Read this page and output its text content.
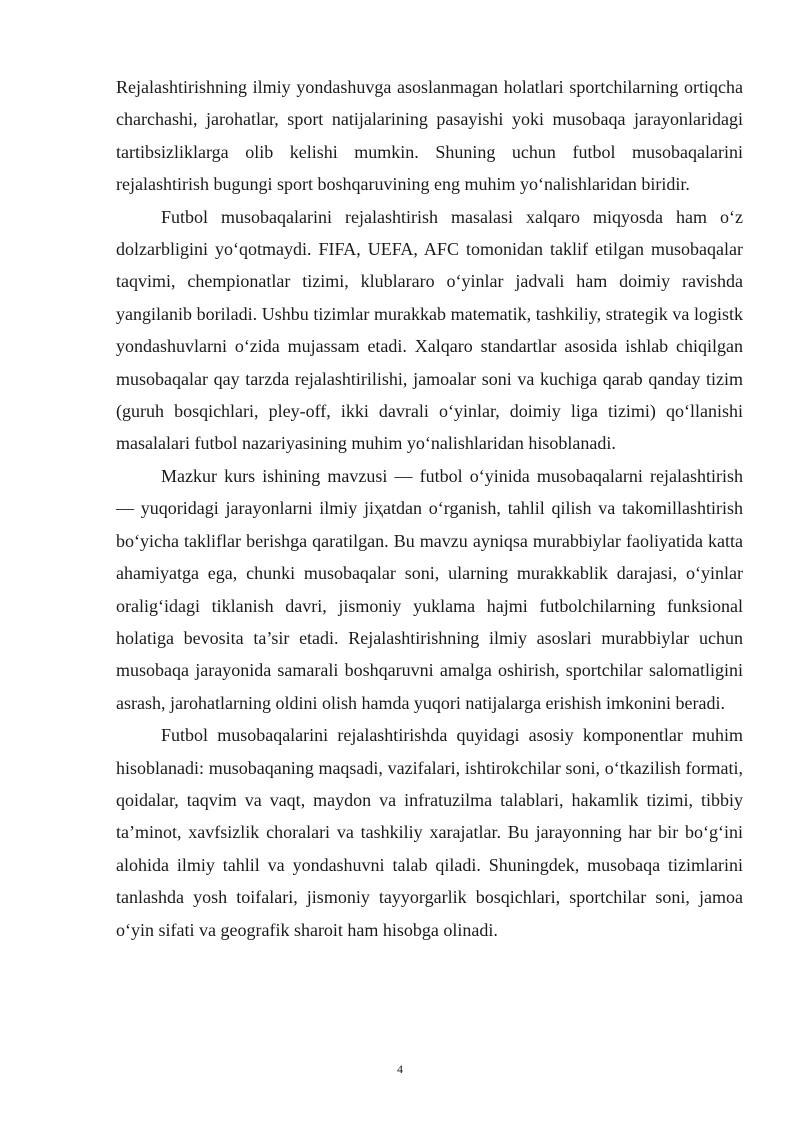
Rejalashtirishning ilmiy yondashuvga asoslanmagan holatlari sportchilarning ortiqcha charchashi, jarohatlar, sport natijalarining pasayishi yoki musobaqa jarayonlaridagi tartibsizliklarga olib kelishi mumkin. Shuning uchun futbol musobaqalarini rejalashtirish bugungi sport boshqaruvining eng muhim yo‘nalishlaridan biridir.

Futbol musobaqalarini rejalashtirish masalasi xalqaro miqyosda ham o‘z dolzarbligini yo‘qotmaydi. FIFA, UEFA, AFC tomonidan taklif etilgan musobaqalar taqvimi, chempionatlar tizimi, klublararo o‘yinlar jadvali ham doimiy ravishda yangilanib boriladi. Ushbu tizimlar murakkab matematik, tashkiliy, strategik va logistk yondashuvlarni o‘zida mujassam etadi. Xalqaro standartlar asosida ishlab chiqilgan musobaqalar qay tarzda rejalashtirilishi, jamoalar soni va kuchiga qarab qanday tizim (guruh bosqichlari, pley-off, ikki davrali o‘yinlar, doimiy liga tizimi) qo‘llanishi masalalari futbol nazariyasining muhim yo‘nalishlaridan hisoblanadi.

Mazkur kurs ishining mavzusi — futbol o‘yinida musobaqalarni rejalashtirish — yuqoridagi jarayonlarni ilmiy jiҳatdan o‘rganish, tahlil qilish va takomillashtirish bo‘yicha takliflar berishga qaratilgan. Bu mavzu ayniqsa murabbiylar faoliyatida katta ahamiyatga ega, chunki musobaqalar soni, ularning murakkablik darajasi, o‘yinlar oralig‘idagi tiklanish davri, jismoniy yuklama hajmi futbolchilarning funksional holatiga bevosita ta’sir etadi. Rejalashtirishning ilmiy asoslari murabbiylar uchun musobaqa jarayonida samarali boshqaruvni amalga oshirish, sportchilar salomatligini asrash, jarohatlarning oldini olish hamda yuqori natijalarga erishish imkonini beradi.

Futbol musobaqalarini rejalashtirishda quyidagi asosiy komponentlar muhim hisoblanadi: musobaqaning maqsadi, vazifalari, ishtirokchilar soni, o‘tkazilish formati, qoidalar, taqvim va vaqt, maydon va infratuzilma talablari, hakamlik tizimi, tibbiy ta’minot, xavfsizlik choralari va tashkiliy xarajatlar. Bu jarayonning har bir bo‘g‘ini alohida ilmiy tahlil va yondashuvni talab qiladi. Shuningdek, musobaqa tizimlarini tanlashda yosh toifalari, jismoniy tayyorgarlik bosqichlari, sportchilar soni, jamoa o‘yin sifati va geografik sharoit ham hisobga olinadi.

4
